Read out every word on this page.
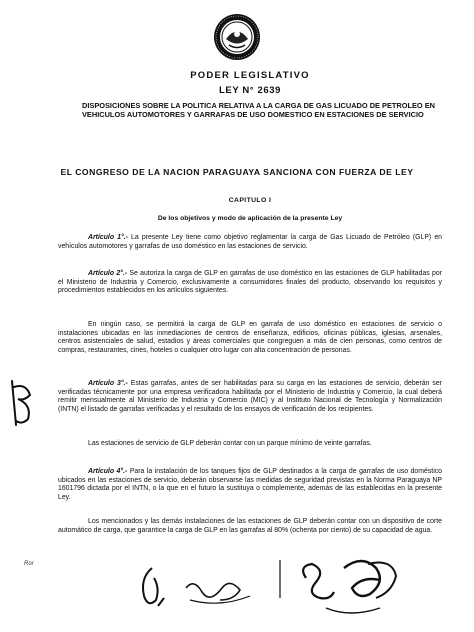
PODER LEGISLATIVO
LEY N° 2639
DISPOSICIONES SOBRE LA POLITICA RELATIVA A LA CARGA DE GAS LICUADO DE PETROLEO EN VEHICULOS AUTOMOTORES Y GARRAFAS DE USO DOMESTICO EN ESTACIONES DE SERVICIO
EL CONGRESO DE LA NACION PARAGUAYA SANCIONA CON FUERZA DE LEY
CAPITULO I
De los objetivos y modo de aplicación de la presente Ley

Artículo 1°.- La presente Ley tiene como objetivo reglamentar la carga de Gas Licuado de Petróleo (GLP) en vehículos automotores y garrafas de uso doméstico en las estaciones de servicio.

Artículo 2°.- Se autoriza la carga de GLP en garrafas de uso doméstico en las estaciones de GLP habilitadas por el Ministerio de Industria y Comercio, exclusivamente a consumidores finales del producto, observando los requisitos y procedimientos establecidos en los artículos siguientes.

En ningún caso, se permitirá la carga de GLP en garrafa de uso doméstico en estaciones de servicio o instalaciones ubicadas en las inmediaciones de centros de enseñanza, edificios, oficinas públicas, iglesias, arsenales, centros asistenciales de salud, estadios y áreas comerciales que congreguen a más de cien personas, como centros de compras, restaurantes, cines, hoteles o cualquier otro lugar con alta concentración de personas.

Artículo 3°.- Estas garrafas, antes de ser habilitadas para su carga en las estaciones de servicio, deberán ser verificadas técnicamente por una empresa verificadora habilitada por el Ministerio de Industria y Comercio, la cual deberá remitir mensualmente al Ministerio de Industria y Comercio (MIC) y al Instituto Nacional de Tecnología y Normalización (INTN) el listado de garrafas verificadas y el resultado de los ensayos de verificación de los recipientes.

Las estaciones de servicio de GLP deberán contar con un parque mínimo de veinte garrafas.

Artículo 4°.- Para la instalación de los tanques fijos de GLP destinados a la carga de garrafas de uso doméstico ubicados en las estaciones de servicio, deberán observarse las medidas de seguridad previstas en la Norma Paraguaya NP 1601796 dictada por el INTN, o la que en el futuro la sustituya o complemente, además de las establecidas en la presente Ley.

Los mencionados y las demás instalaciones de las estaciones de GLP deberán contar con un dispositivo de corte automático de carga, que garantice la carga de GLP en las garrafas al 80% (ochenta por ciento) de su capacidad de agua.

Ror
